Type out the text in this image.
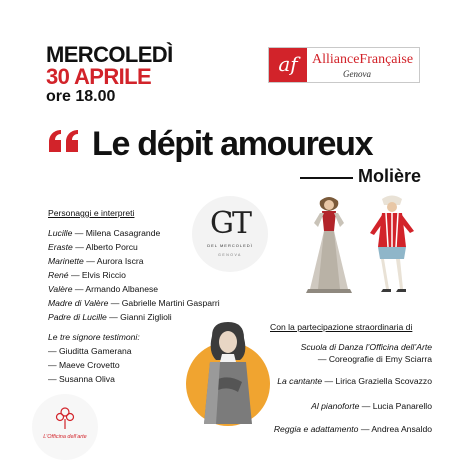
MERCOLEDÌ
30 APRILE
ore 18.00
af	AllianceFrançaise
Genova
Le dépit amoureux
Molière
Personaggi e interpreti
Lucille — Milena Casagrande
Eraste — Alberto Porcu
Marinette — Aurora Iscra
René — Elvis Riccio
Valère — Armando Albanese
Madre di Valère — Gabrielle Martini Gasparri
Padre di Lucille — Gianni Ziglioli
Le tre signore testimoni:
— Giuditta Gamerana
— Maeve Crovetto
— Susanna Oliva
GT
DEL MERCOLEDÌ
GENOVA
Con la partecipazione straordinaria di
Scuola di Danza l’Officina dell’Arte
— Coreografie di Emy Sciarra
La cantante — Lirica Graziella Scovazzo
Al pianoforte — Lucia Panarello
Reggia e adattamento — Andrea Ansaldo
L’Officina dell’arte
